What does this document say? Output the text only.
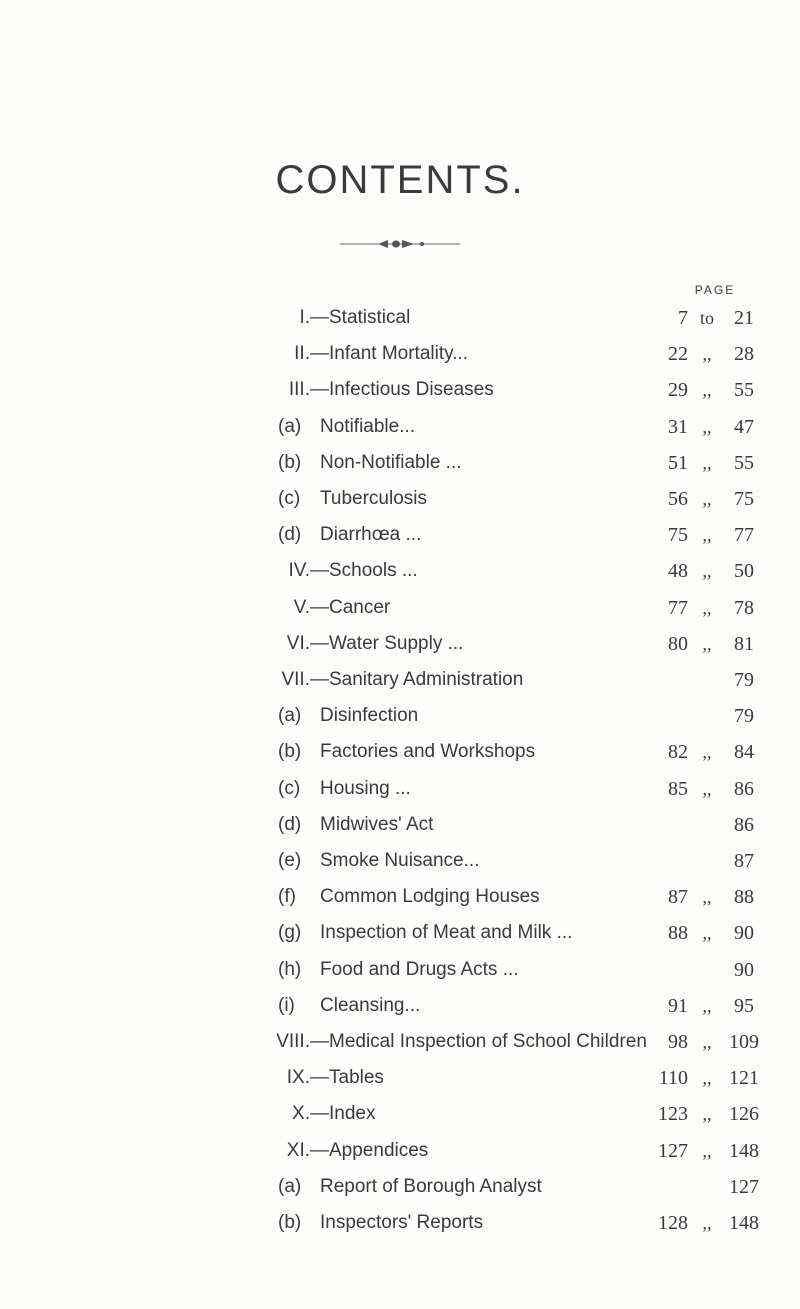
CONTENTS.
PAGE
I. —Statistical	7 to	21
II. —Infant Mortality...	22 ,,	28
III. —Infectious Diseases	29 ,,	55
(a) Notifiable...	31 ,,	47
(b) Non-Notifiable ...	51 ,,	55
(c) Tuberculosis	56 ,,	75
(d) Diarrhœa ...	75 ,,	77
IV. —Schools ...	48 ,,	50
V. —Cancer	77 ,,	78
VI. —Water Supply ...	80 ,,	81
VII. —Sanitary Administration	79
(a) Disinfection	79
(b) Factories and Workshops	82 ,,	84
(c) Housing ...	85 ,,	86
(d) Midwives' Act	86
(e) Smoke Nuisance...	87
(f) Common Lodging Houses	87 ,,	88
(g) Inspection of Meat and Milk ...	88 ,,	90
(h) Food and Drugs Acts ...	90
(i) Cleansing...	91 ,,	95
VIII. —Medical Inspection of School Children	98 ,, 109
IX. —Tables	110 ,, 121
X. —Index	123 ,, 126
XI. —Appendices	127 ,, 148
(a) Report of Borough Analyst	127
(b) Inspectors' Reports	128 ,, 148
